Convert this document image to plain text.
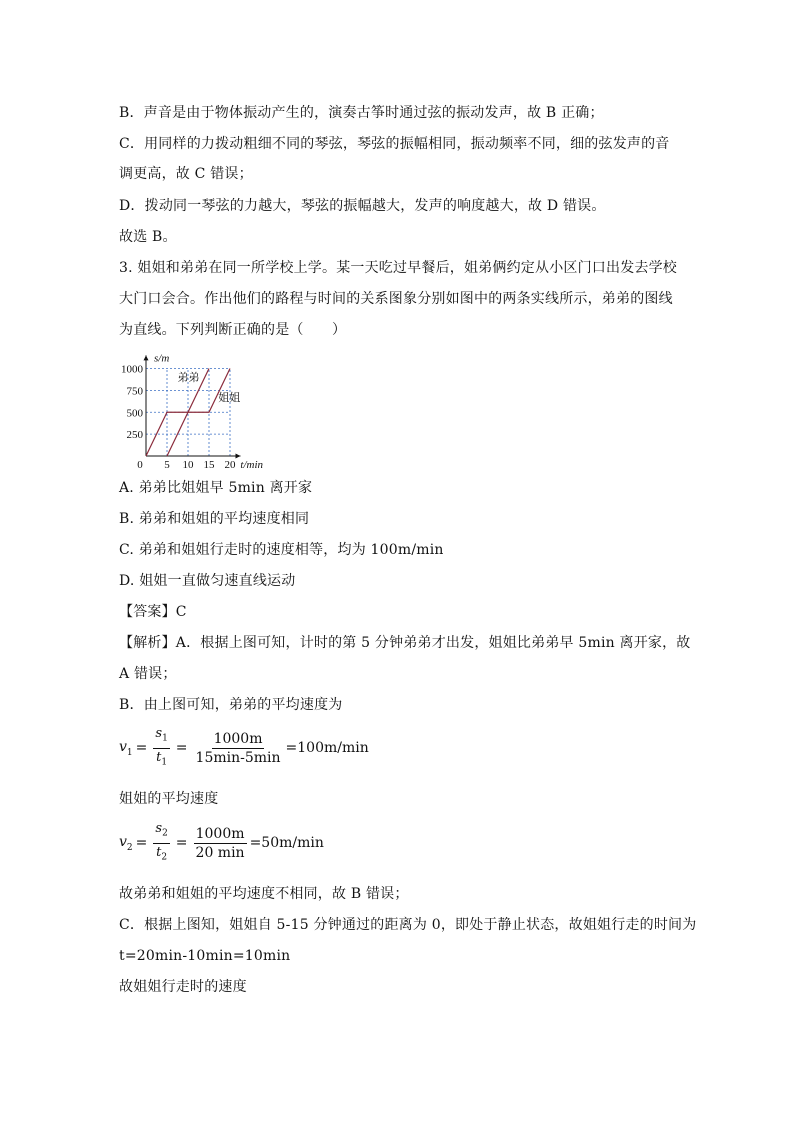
B．声音是由于物体振动产生的，演奏古筝时通过弦的振动发声，故 B 正确；
C．用同样的力拨动粗细不同的琴弦，琴弦的振幅相同，振动频率不同，细的弦发声的音
调更高，故 C 错误；
D．拨动同一琴弦的力越大，琴弦的振幅越大，发声的响度越大，故 D 错误。
故选 B。
3. 姐姐和弟弟在同一所学校上学。某一天吃过早餐后，姐弟俩约定从小区门口出发去学校
大门口会合。作出他们的路程与时间的关系图象分别如图中的两条实线所示，弟弟的图线
为直线。下列判断正确的是（　　）
5 10 15 20
250
500
750
1000
0
s/m
t/min
弟弟
姐姐
A. 弟弟比姐姐早 5min 离开家
B. 弟弟和姐姐的平均速度相同
C. 弟弟和姐姐行走时的速度相等，均为 100m/min
D. 姐姐一直做匀速直线运动
【答案】C
【解析】A．根据上图可知，计时的第 5 分钟弟弟才出发，姐姐比弟弟早 5min 离开家，故
A 错误；
B．由上图可知，弟弟的平均速度为
$v_1 = \frac{s_1}{t_1} = \frac{1000m}{15\min-5\min} =100m/\min$
姐姐的平均速度
$v_2 = \frac{s_2}{t_2} = \frac{1000m}{20 \min} =50m/\min$
故弟弟和姐姐的平均速度不相同，故 B 错误；
C．根据上图知，姐姐自 5-15 分钟通过的距离为 0，即处于静止状态，故姐姐行走的时间为
t=20min-10min=10min
故姐姐行走时的速度
